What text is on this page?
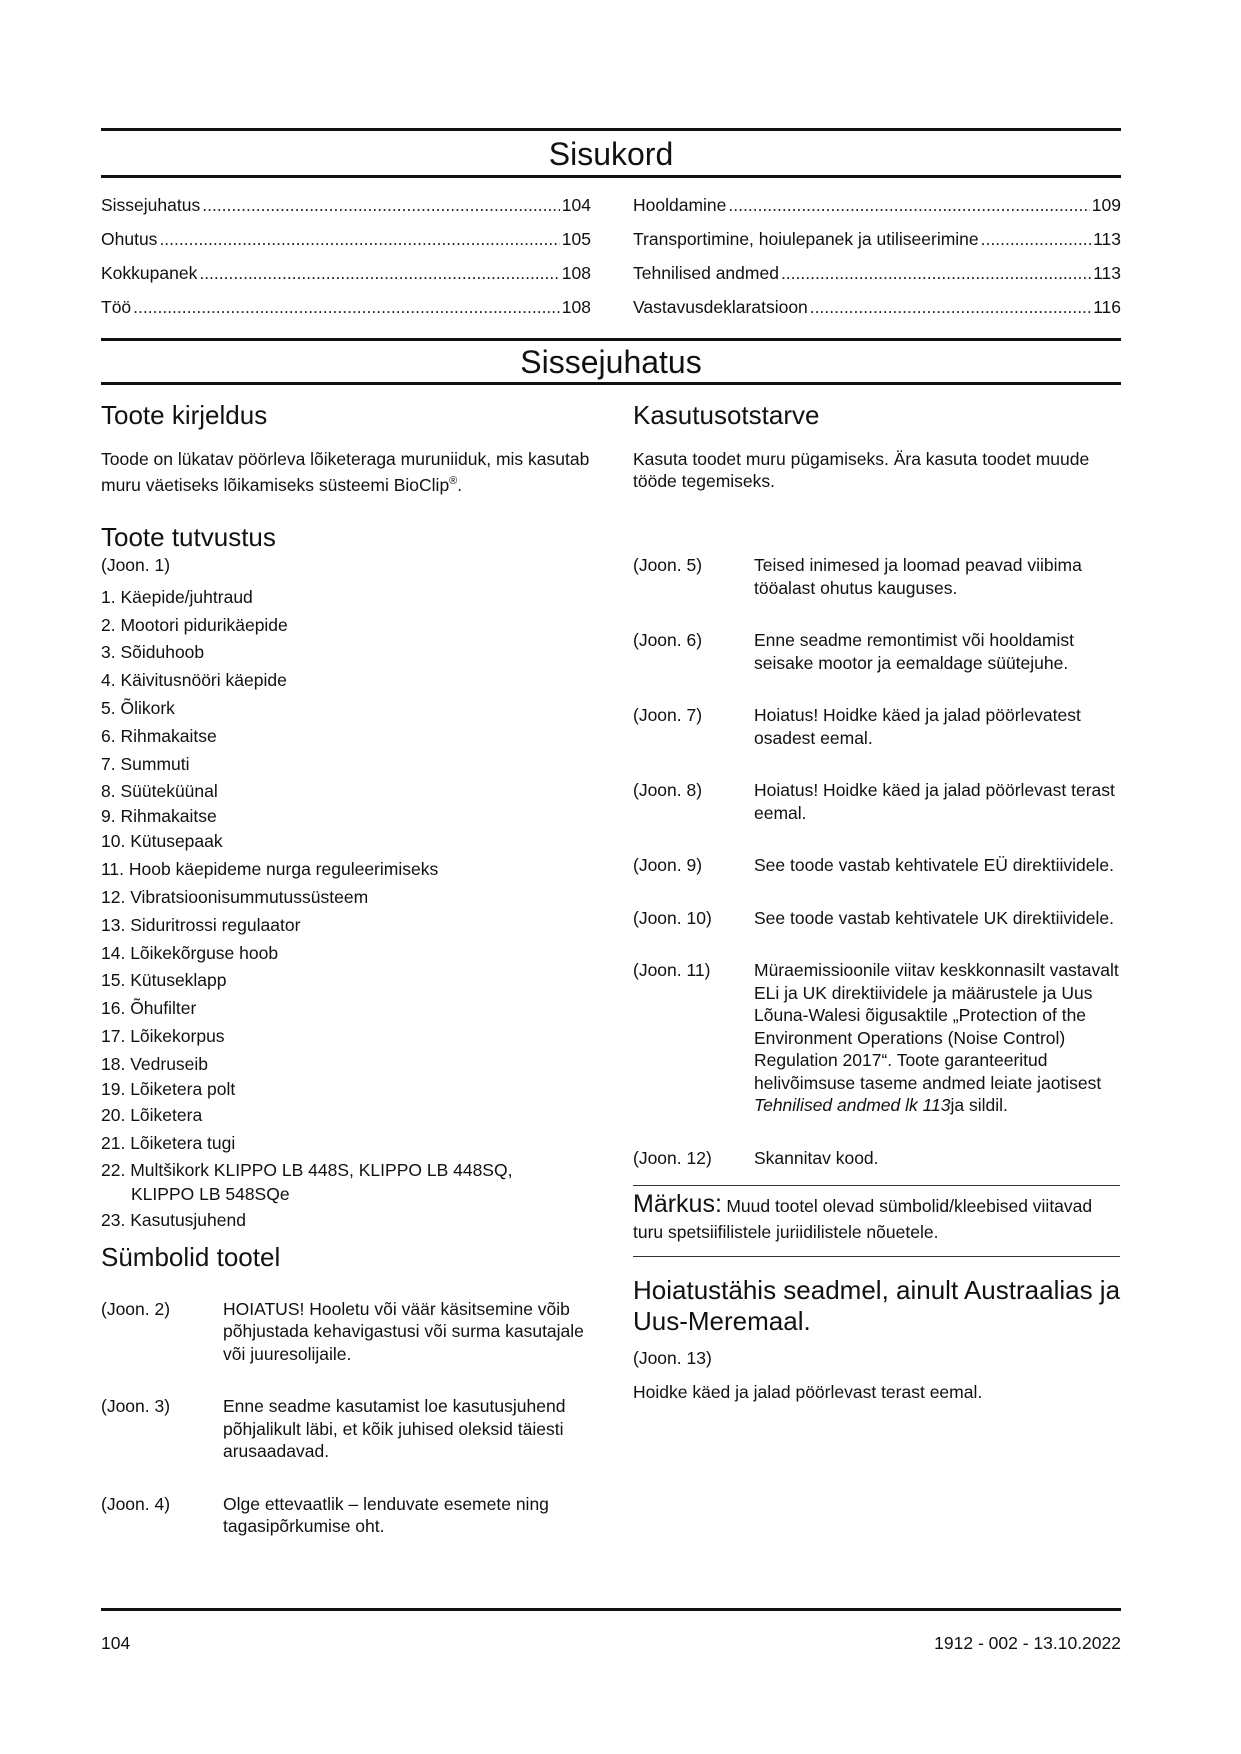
Sisukord
Sissejuhatus .....	104
Ohutus .....	105
Kokkupanek .....	108
Töö .....	108
Hooldamine .....	109
Transportimine, hoiulepanek ja utiliseerimine .....	113
Tehnilised andmed .....	113
Vastavusdeklaratsioon .....	116
Sissejuhatus
Toote kirjeldus

Toode on lükatav pöörleva lõiketeraga muruniiduk, mis kasutab muru väetiseks lõikamiseks süsteemi BioClip®.

Toote tutvustus
(Joon. 1)
1. Käepide/juhtraud
2. Mootori pidurikäepide
3. Sõiduhoob
4. Käivitusnööri käepide
5. Õlikork
6. Rihmakaitse
7. Summuti
8. Süüteküünal
9. Rihmakaitse
10. Kütusepaak
11. Hoob käepideme nurga reguleerimiseks
12. Vibratsioonisummutussüsteem
13. Siduritrossi regulaator
14. Lõikekõrguse hoob
15. Kütuseklapp
16. Õhufilter
17. Lõikekorpus
18. Vedruseib
19. Lõiketera polt
20. Lõiketera
21. Lõiketera tugi
22. Multšikork KLIPPO LB 448S, KLIPPO LB 448SQ,
KLIPPO LB 548SQe
23. Kasutusjuhend
Sümbolid tootel
(Joon. 2)	HOIATUS! Hooletu või väär käsitsemine võib põhjustada kehavigastusi või surma kasutajale või juuresolijaile.
(Joon. 3)	Enne seadme kasutamist loe kasutusjuhend põhjalikult läbi, et kõik juhised oleksid täiesti arusaadavad.
(Joon. 4)	Olge ettevaatlik – lenduvate esemete ning tagasipõrkumise oht.
Kasutusotstarve

Kasuta toodet muru pügamiseks. Ära kasuta toodet muude tööde tegemiseks.

(Joon. 5)	Teised inimesed ja loomad peavad viibima tööalast ohutus kauguses.
(Joon. 6)	Enne seadme remontimist või hooldamist seisake mootor ja eemaldage süütejuhe.
(Joon. 7)	Hoiatus! Hoidke käed ja jalad pöörlevatest osadest eemal.
(Joon. 8)	Hoiatus! Hoidke käed ja jalad pöörlevast terast eemal.
(Joon. 9)	See toode vastab kehtivatele EÜ direktiividele.
(Joon. 10) See toode vastab kehtivatele UK direktiividele.
(Joon. 11) Müraemissioonile viitav keskkonnasilt vastavalt ELi ja UK direktiividele ja määrustele ja Uus Lõuna-Walesi õigusaktile „Protection of the Environment Operations (Noise Control) Regulation 2017“. Toote garanteeritud helivõimsuse taseme andmed leiate jaotisest Tehnilised andmed lk 113ja sildil.
(Joon. 12) Skannitav kood.
Märkus: Muud tootel olevad sümbolid/kleebised viitavad turu spetsiifilistele juriidilistele nõuetele.
Hoiatustähis seadmel, ainult Austraalias ja Uus-Meremaal.
(Joon. 13)

Hoidke käed ja jalad pöörlevast terast eemal.

104	1912 - 002 - 13.10.2022
